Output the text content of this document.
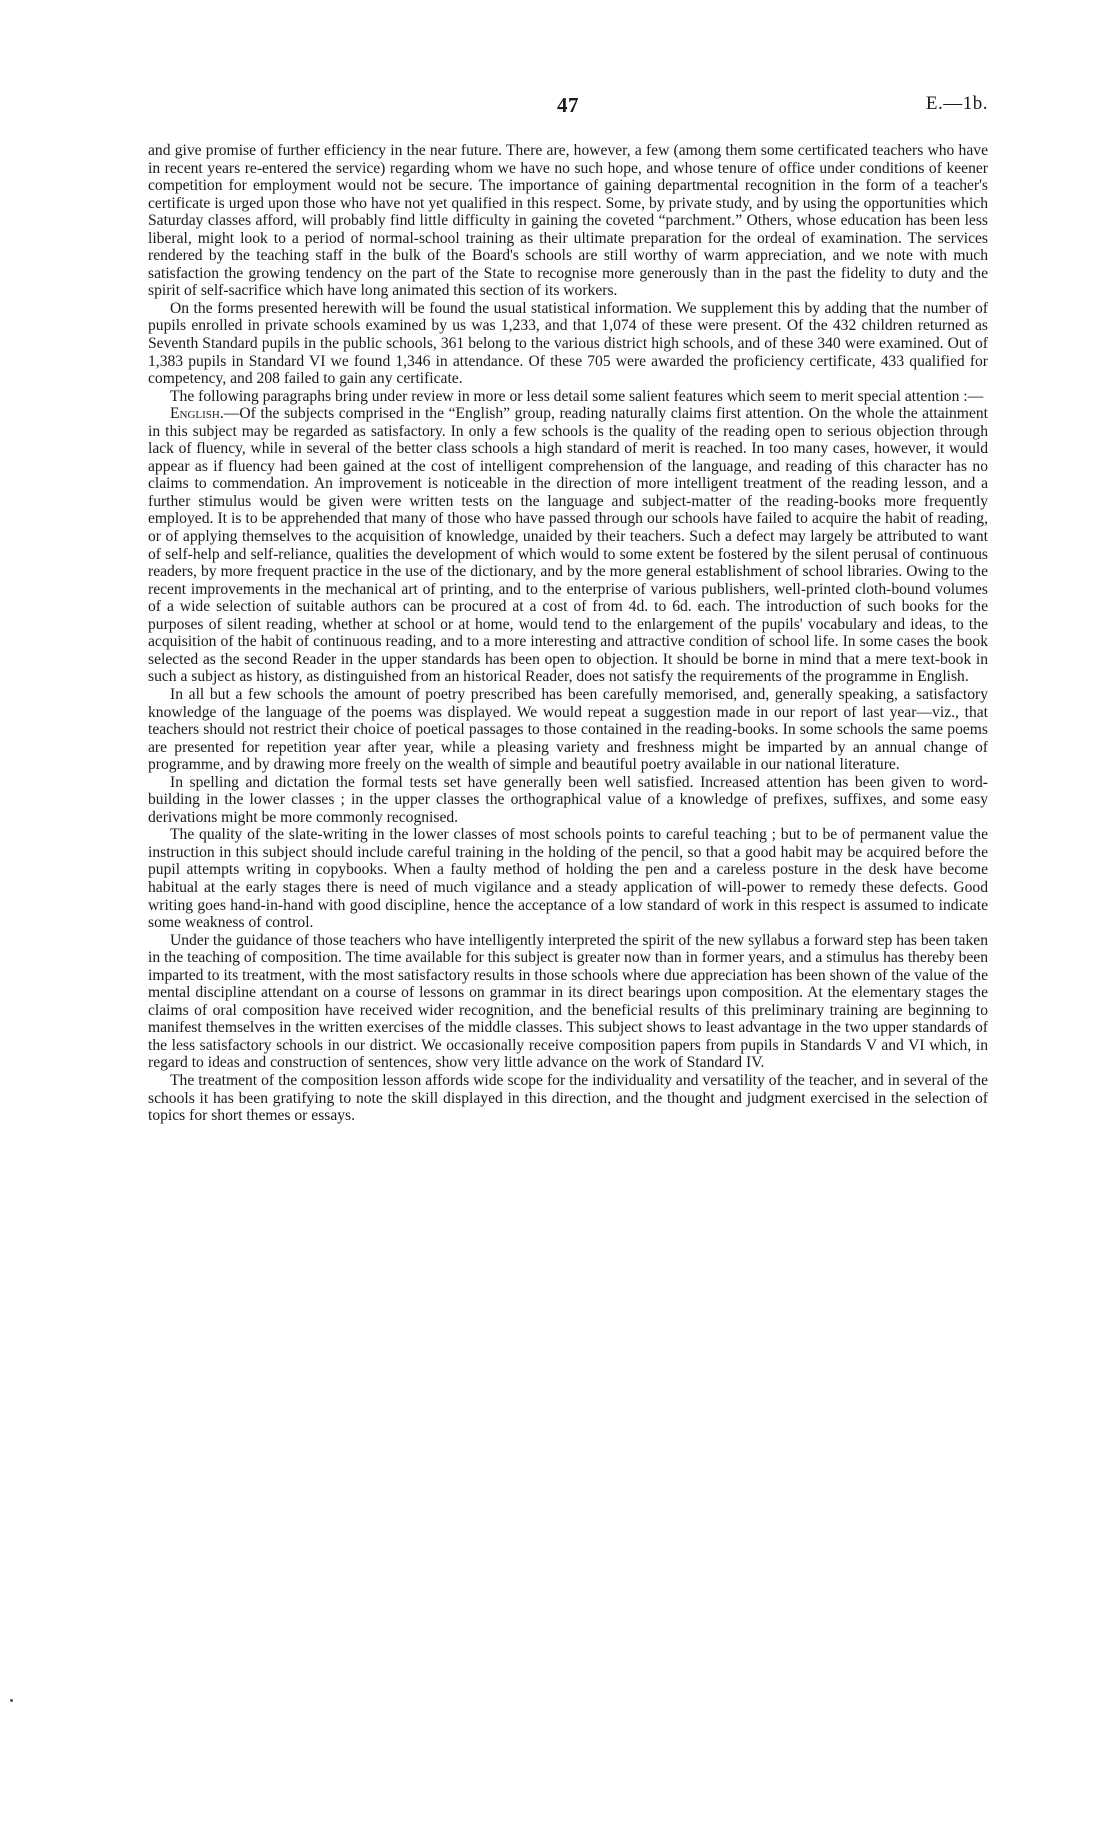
47	E.—1b.

and give promise of further efficiency in the near future. There are, however, a few (among them some certificated teachers who have in recent years re-entered the service) regarding whom we have no such hope, and whose tenure of office under conditions of keener competition for employment would not be secure. The importance of gaining departmental recognition in the form of a teacher's certificate is urged upon those who have not yet qualified in this respect. Some, by private study, and by using the opportunities which Saturday classes afford, will probably find little difficulty in gaining the coveted “parchment.” Others, whose education has been less liberal, might look to a period of normal-school training as their ultimate preparation for the ordeal of examination. The services rendered by the teaching staff in the bulk of the Board's schools are still worthy of warm appreciation, and we note with much satisfaction the growing tendency on the part of the State to recognise more generously than in the past the fidelity to duty and the spirit of self-sacrifice which have long animated this section of its workers.

On the forms presented herewith will be found the usual statistical information. We supplement this by adding that the number of pupils enrolled in private schools examined by us was 1,233, and that 1,074 of these were present. Of the 432 children returned as Seventh Standard pupils in the public schools, 361 belong to the various district high schools, and of these 340 were examined. Out of 1,383 pupils in Standard VI we found 1,346 in attendance. Of these 705 were awarded the proficiency certificate, 433 qualified for competency, and 208 failed to gain any certificate.

The following paragraphs bring under review in more or less detail some salient features which seem to merit special attention :—

English.—Of the subjects comprised in the “English” group, reading naturally claims first attention. On the whole the attainment in this subject may be regarded as satisfactory. In only a few schools is the quality of the reading open to serious objection through lack of fluency, while in several of the better class schools a high standard of merit is reached. In too many cases, however, it would appear as if fluency had been gained at the cost of intelligent comprehension of the language, and reading of this character has no claims to commendation. An improvement is noticeable in the direction of more intelligent treatment of the reading lesson, and a further stimulus would be given were written tests on the language and subject-matter of the reading-books more frequently employed. It is to be apprehended that many of those who have passed through our schools have failed to acquire the habit of reading, or of applying themselves to the acquisition of knowledge, unaided by their teachers. Such a defect may largely be attributed to want of self-help and self-reliance, qualities the development of which would to some extent be fostered by the silent perusal of continuous readers, by more frequent practice in the use of the dictionary, and by the more general establishment of school libraries. Owing to the recent improvements in the mechanical art of printing, and to the enterprise of various publishers, well-printed cloth-bound volumes of a wide selection of suitable authors can be procured at a cost of from 4d. to 6d. each. The introduction of such books for the purposes of silent reading, whether at school or at home, would tend to the enlargement of the pupils' vocabulary and ideas, to the acquisition of the habit of continuous reading, and to a more interesting and attractive condition of school life. In some cases the book selected as the second Reader in the upper standards has been open to objection. It should be borne in mind that a mere text-book in such a subject as history, as distinguished from an historical Reader, does not satisfy the requirements of the programme in English.

In all but a few schools the amount of poetry prescribed has been carefully memorised, and, generally speaking, a satisfactory knowledge of the language of the poems was displayed. We would repeat a suggestion made in our report of last year—viz., that teachers should not restrict their choice of poetical passages to those contained in the reading-books. In some schools the same poems are presented for repetition year after year, while a pleasing variety and freshness might be imparted by an annual change of programme, and by drawing more freely on the wealth of simple and beautiful poetry available in our national literature.

In spelling and dictation the formal tests set have generally been well satisfied. Increased attention has been given to word-building in the lower classes ; in the upper classes the orthographical value of a knowledge of prefixes, suffixes, and some easy derivations might be more commonly recognised.

The quality of the slate-writing in the lower classes of most schools points to careful teaching ; but to be of permanent value the instruction in this subject should include careful training in the holding of the pencil, so that a good habit may be acquired before the pupil attempts writing in copybooks. When a faulty method of holding the pen and a careless posture in the desk have become habitual at the early stages there is need of much vigilance and a steady application of will-power to remedy these defects. Good writing goes hand-in-hand with good discipline, hence the acceptance of a low standard of work in this respect is assumed to indicate some weakness of control.

Under the guidance of those teachers who have intelligently interpreted the spirit of the new syllabus a forward step has been taken in the teaching of composition. The time available for this subject is greater now than in former years, and a stimulus has thereby been imparted to its treatment, with the most satisfactory results in those schools where due appreciation has been shown of the value of the mental discipline attendant on a course of lessons on grammar in its direct bearings upon composition. At the elementary stages the claims of oral composition have received wider recognition, and the beneficial results of this preliminary training are beginning to manifest themselves in the written exercises of the middle classes. This subject shows to least advantage in the two upper standards of the less satisfactory schools in our district. We occasionally receive composition papers from pupils in Standards V and VI which, in regard to ideas and construction of sentences, show very little advance on the work of Standard IV.

The treatment of the composition lesson affords wide scope for the individuality and versatility of the teacher, and in several of the schools it has been gratifying to note the skill displayed in this direction, and the thought and judgment exercised in the selection of topics for short themes or essays.
